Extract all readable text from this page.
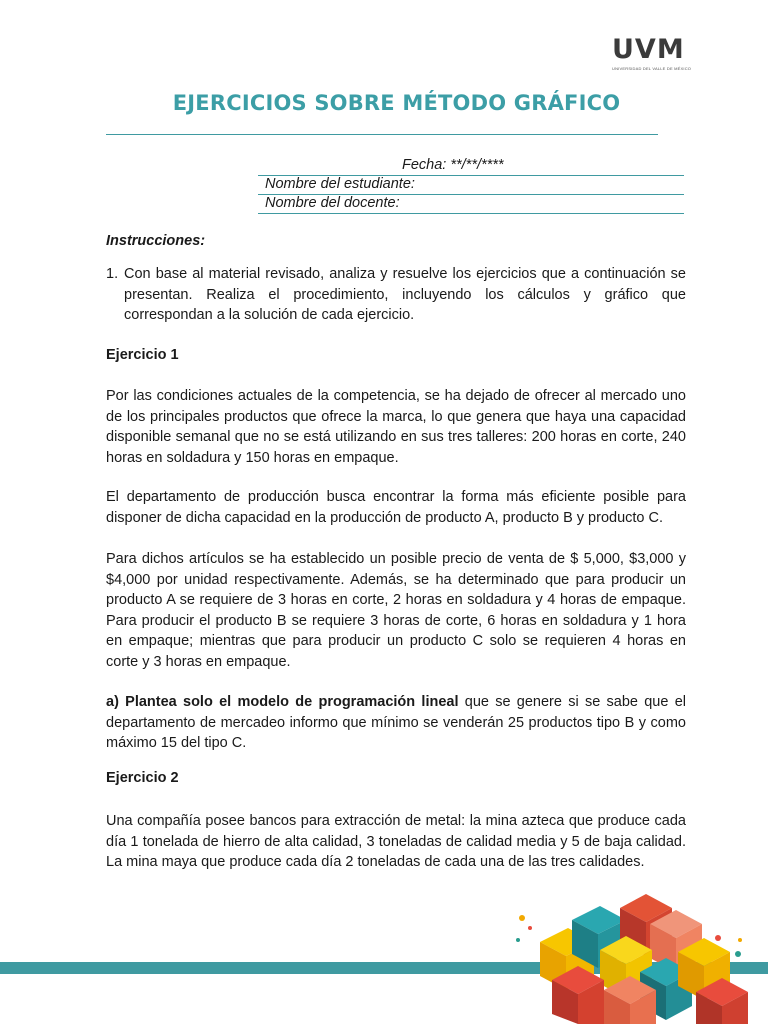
UVM
UNIVERSIDAD DEL VALLE DE MÉXICO
EJERCICIOS SOBRE MÉTODO GRÁFICO
Fecha: **/**/****
Nombre del estudiante:
Nombre del docente:
Instrucciones:
1. Con base al material revisado, analiza y resuelve los ejercicios que a continuación se presentan. Realiza el procedimiento, incluyendo los cálculos y gráfico que correspondan a la solución de cada ejercicio.
Ejercicio 1
Por las condiciones actuales de la competencia, se ha dejado de ofrecer al mercado uno de los principales productos que ofrece la marca, lo que genera que haya una capacidad disponible semanal que no se está utilizando en sus tres talleres: 200 horas en corte, 240 horas en soldadura y 150 horas en empaque.
El departamento de producción busca encontrar la forma más eficiente posible para disponer de dicha capacidad en la producción de producto A, producto B y producto C.
Para dichos artículos se ha establecido un posible precio de venta de $ 5,000, $3,000 y $4,000 por unidad respectivamente. Además, se ha determinado que para producir un producto A se requiere de 3 horas en corte, 2 horas en soldadura y 4 horas de empaque. Para producir el producto B se requiere 3 horas de corte, 6 horas en soldadura y 1 hora en empaque; mientras que para producir un producto C solo se requieren 4 horas en corte y 3 horas en empaque.
a) Plantea solo el modelo de programación lineal que se genere si se sabe que el departamento de mercadeo informo que mínimo se venderán 25 productos tipo B y como máximo 15 del tipo C.
Ejercicio 2
Una compañía posee bancos para extracción de metal: la mina azteca que produce cada día 1 tonelada de hierro de alta calidad, 3 toneladas de calidad media y 5 de baja calidad. La mina maya que produce cada día 2 toneladas de cada una de las tres calidades.
